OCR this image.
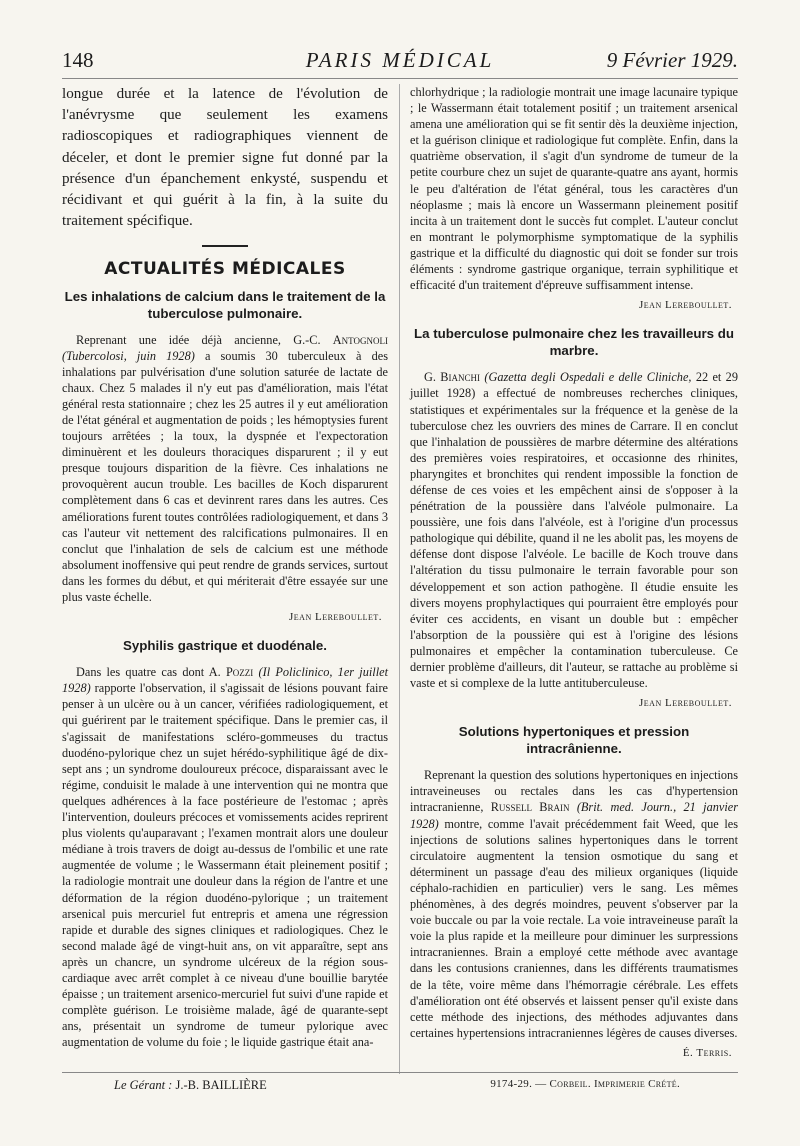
148	PARIS MÉDICAL	9 Février 1929.

longue durée et la latence de l'évolution de l'anévrysme que seulement les examens radioscopiques et radiographiques viennent de déceler, et dont le premier signe fut donné par la présence d'un épanchement enkysté, suspendu et récidivant et qui guérit à la fin, à la suite du traitement spécifique.

ACTUALITÉS MÉDICALES
Les inhalations de calcium dans le traitement de la tuberculose pulmonaire.

Reprenant une idée déjà ancienne, G.-C. Antognoli (Tubercolosi, juin 1928) a soumis 30 tuberculeux à des inhalations par pulvérisation d'une solution saturée de lactate de chaux. Chez 5 malades il n'y eut pas d'amélioration, mais l'état général resta stationnaire ; chez les 25 autres il y eut amélioration de l'état général et augmentation de poids ; les hémoptysies furent toujours arrêtées ; la toux, la dyspnée et l'expectoration diminuèrent et les douleurs thoraciques disparurent ; il y eut presque toujours disparition de la fièvre. Ces inhalations ne provoquèrent aucun trouble. Les bacilles de Koch disparurent complètement dans 6 cas et devinrent rares dans les autres. Ces améliorations furent toutes contrôlées radiologiquement, et dans 3 cas l'auteur vit nettement des ralcifications pulmonaires. Il en conclut que l'inhalation de sels de calcium est une méthode absolument inoffensive qui peut rendre de grands services, surtout dans les formes du début, et qui mériterait d'être essayée sur une plus vaste échelle.

Jean Lereboullet.
Syphilis gastrique et duodénale.

Dans les quatre cas dont A. Pozzi (Il Policlinico, 1er juillet 1928) rapporte l'observation, il s'agissait de lésions pouvant faire penser à un ulcère ou à un cancer, vérifiées radiologiquement, et qui guérirent par le traitement spécifique. Dans le premier cas, il s'agissait de manifestations scléro-gommeuses du tractus duodéno-pylorique chez un sujet hérédo-syphilitique âgé de dix-sept ans ; un syndrome douloureux précoce, disparaissant avec le régime, conduisit le malade à une intervention qui ne montra que quelques adhérences à la face postérieure de l'estomac ; après l'intervention, douleurs précoces et vomissements acides reprirent plus violents qu'auparavant ; l'examen montrait alors une douleur médiane à trois travers de doigt au-dessus de l'ombilic et une rate augmentée de volume ; le Wassermann était pleinement positif ; la radiologie montrait une douleur dans la région de l'antre et une déformation de la région duodéno-pylorique ; un traitement arsenical puis mercuriel fut entrepris et amena une régression rapide et durable des signes cliniques et radiologiques. Chez le second malade âgé de vingt-huit ans, on vit apparaître, sept ans après un chancre, un syndrome ulcéreux de la région sous-cardiaque avec arrêt complet à ce niveau d'une bouillie barytée épaisse ; un traitement arsenico-mercuriel fut suivi d'une rapide et complète guérison. Le troisième malade, âgé de quarante-sept ans, présentait un syndrome de tumeur pylorique avec augmentation de volume du foie ; le liquide gastrique était ana-

chlorhydrique ; la radiologie montrait une image lacunaire typique ; le Wassermann était totalement positif ; un traitement arsenical amena une amélioration qui se fit sentir dès la deuxième injection, et la guérison clinique et radiologique fut complète. Enfin, dans la quatrième observation, il s'agit d'un syndrome de tumeur de la petite courbure chez un sujet de quarante-quatre ans ayant, hormis le peu d'altération de l'état général, tous les caractères d'un néoplasme ; mais là encore un Wassermann pleinement positif incita à un traitement dont le succès fut complet. L'auteur conclut en montrant le polymorphisme symptomatique de la syphilis gastrique et la difficulté du diagnostic qui doit se fonder sur trois éléments : syndrome gastrique organique, terrain syphilitique et efficacité d'un traitement d'épreuve suffisamment intense.

Jean Lereboullet.
La tuberculose pulmonaire chez les travailleurs du marbre.

G. Bianchi (Gazetta degli Ospedali e delle Cliniche, 22 et 29 juillet 1928) a effectué de nombreuses recherches cliniques, statistiques et expérimentales sur la fréquence et la genèse de la tuberculose chez les ouvriers des mines de Carrare. Il en conclut que l'inhalation de poussières de marbre détermine des altérations des premières voies respiratoires, et occasionne des rhinites, pharyngites et bronchites qui rendent impossible la fonction de défense de ces voies et les empêchent ainsi de s'opposer à la pénétration de la poussière dans l'alvéole pulmonaire. La poussière, une fois dans l'alvéole, est à l'origine d'un processus pathologique qui débilite, quand il ne les abolit pas, les moyens de défense dont dispose l'alvéole. Le bacille de Koch trouve dans l'altération du tissu pulmonaire le terrain favorable pour son développement et son action pathogène. Il étudie ensuite les divers moyens prophylactiques qui pourraient être employés pour éviter ces accidents, en visant un double but : empêcher l'absorption de la poussière qui est à l'origine des lésions pulmonaires et empêcher la contamination tuberculeuse. Ce dernier problème d'ailleurs, dit l'auteur, se rattache au problème si vaste et si complexe de la lutte antituberculeuse.

Jean Lereboullet.
Solutions hypertoniques et pression intracrânienne.

Reprenant la question des solutions hypertoniques en injections intraveineuses ou rectales dans les cas d'hypertension intracranienne, Russell Brain (Brit. med. Journ., 21 janvier 1928) montre, comme l'avait précédemment fait Weed, que les injections de solutions salines hypertoniques dans le torrent circulatoire augmentent la tension osmotique du sang et déterminent un passage d'eau des milieux organiques (liquide céphalo-rachidien en particulier) vers le sang. Les mêmes phénomènes, à des degrés moindres, peuvent s'observer par la voie buccale ou par la voie rectale. La voie intraveineuse paraît la voie la plus rapide et la meilleure pour diminuer les surpressions intracraniennes. Brain a employé cette méthode avec avantage dans les contusions craniennes, dans les différents traumatismes de la tête, voire même dans l'hémorragie cérébrale. Les effets d'amélioration ont été observés et laissent penser qu'il existe dans cette méthode des injections, des méthodes adjuvantes dans certaines hypertensions intracraniennes légères de causes diverses.

É. Terris.
Le Gérant : J.-B. BAILLIÈRE	9174-29. — Corbeil. Imprimerie Crété.
